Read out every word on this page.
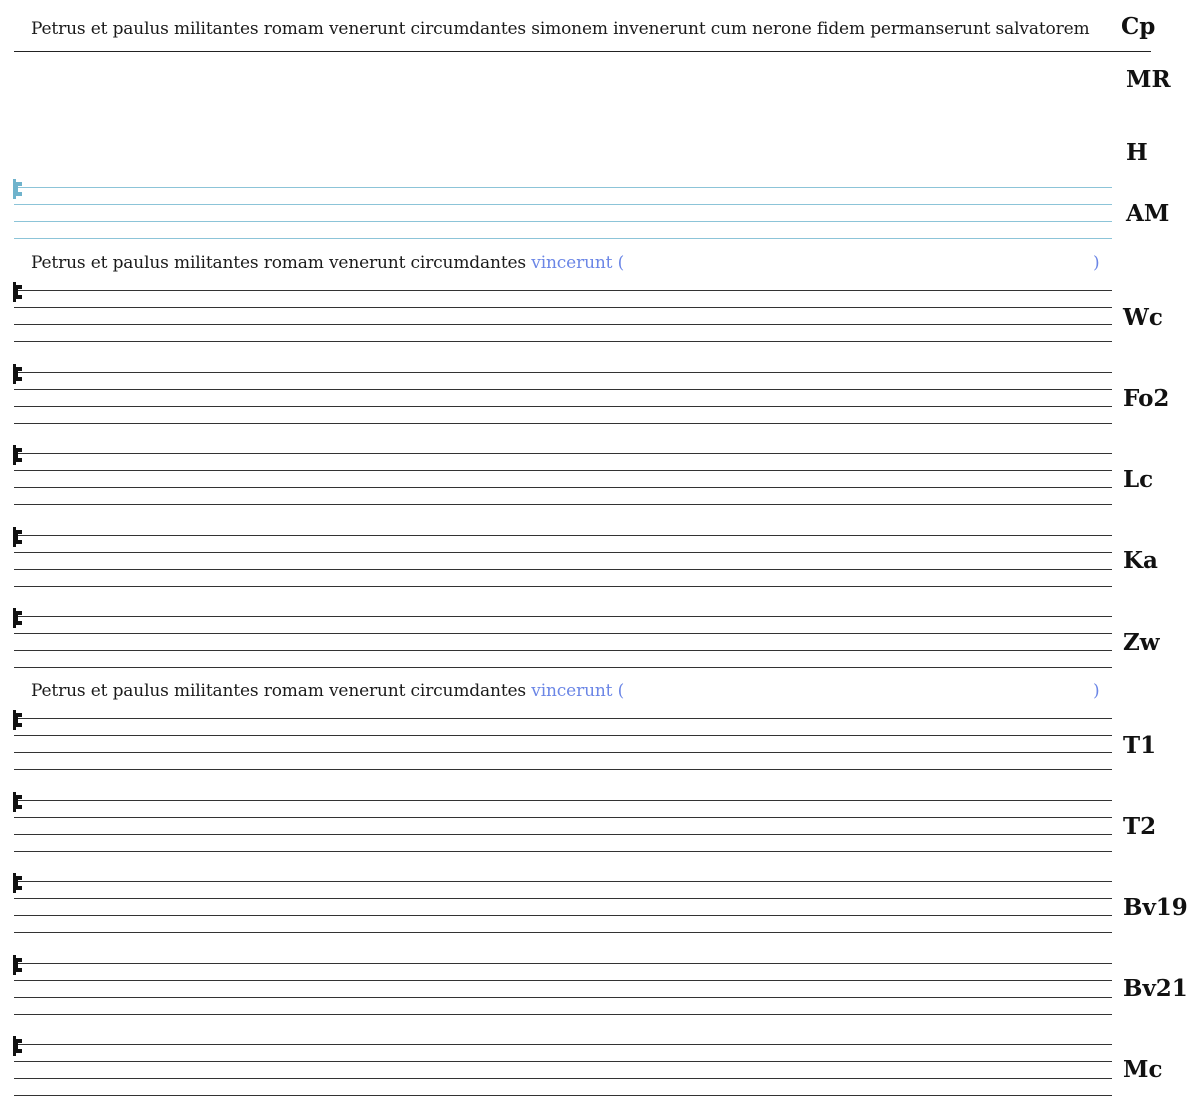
Petrus et paulus militantes romam venerunt circumdantes simonem invenerunt cum nerone fidem permanserunt salvatorem Cp
MR
H
AM
Petrus et paulus militantes romam venerunt circumdantes vincerunt (	)
Wc
Fo2
Lc
Ka
Zw
Petrus et paulus militantes romam venerunt circumdantes vincerunt (	)
T1
T2
Bv19
Bv21
Mc
